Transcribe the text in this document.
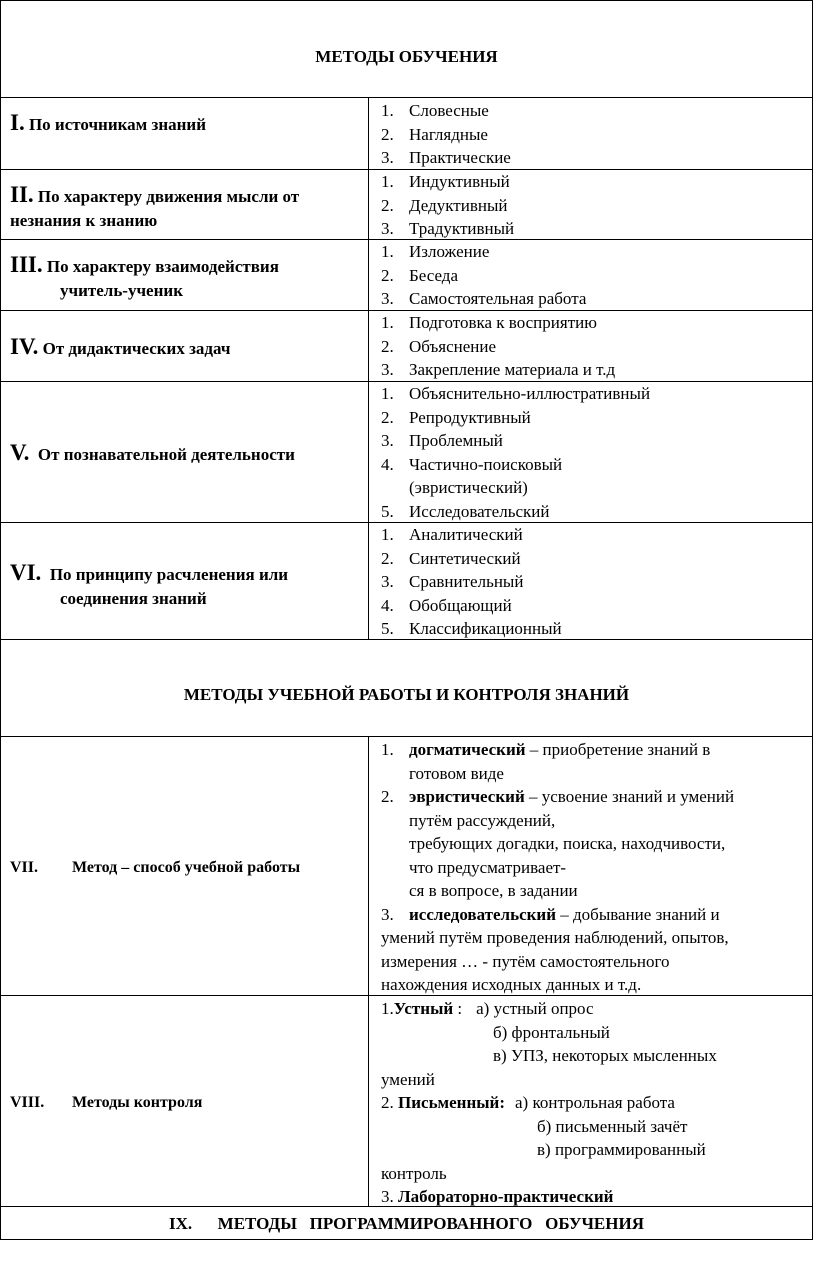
МЕТОДЫ ОБУЧЕНИЯ
I. По источникам знаний
1. Словесные
2. Наглядные
3. Практические
II. По характеру движения мысли от
незнания к знанию
1. Индуктивный
2. Дедуктивный
3. Традуктивный
III. По характеру взаимодействия
учитель-ученик
1. Изложение
2. Беседа
3. Самостоятельная работа
IV. От дидактических задач
1. Подготовка к восприятию
2. Объяснение
3. Закрепление материала и т.д
V. От познавательной деятельности
1. Объяснительно-иллюстративный
2. Репродуктивный
3. Проблемный
4. Частично-поисковый
(эвристический)
5. Исследовательский
VI. По принципу расчленения или
соединения знаний
1. Аналитический
2. Синтетический
3. Сравнительный
4. Обобщающий
5. Классификационный
МЕТОДЫ УЧЕБНОЙ РАБОТЫ И КОНТРОЛЯ ЗНАНИЙ
VII.	Метод – способ учебной работы
1. догматический – приобретение знаний в
готовом виде
2. эвристический – усвоение знаний и умений
путём рассуждений,
требующих догадки, поиска, находчивости,
что предусматривает-
ся в вопросе, в задании
3. исследовательский – добывание знаний и
умений путём проведения наблюдений, опытов,
измерения … - путём самостоятельного
нахождения исходных данных и т.д.
VIII.	Методы контроля
1.Устный : а) устный опрос
б) фронтальный
в) УПЗ, некоторых мысленных
умений
2. Письменный: а) контрольная работа
б) письменный зачёт
в) программированный
контроль
3. Лабораторно-практический
IX. МЕТОДЫ   ПРОГРАММИРОВАННОГО   ОБУЧЕНИЯ
